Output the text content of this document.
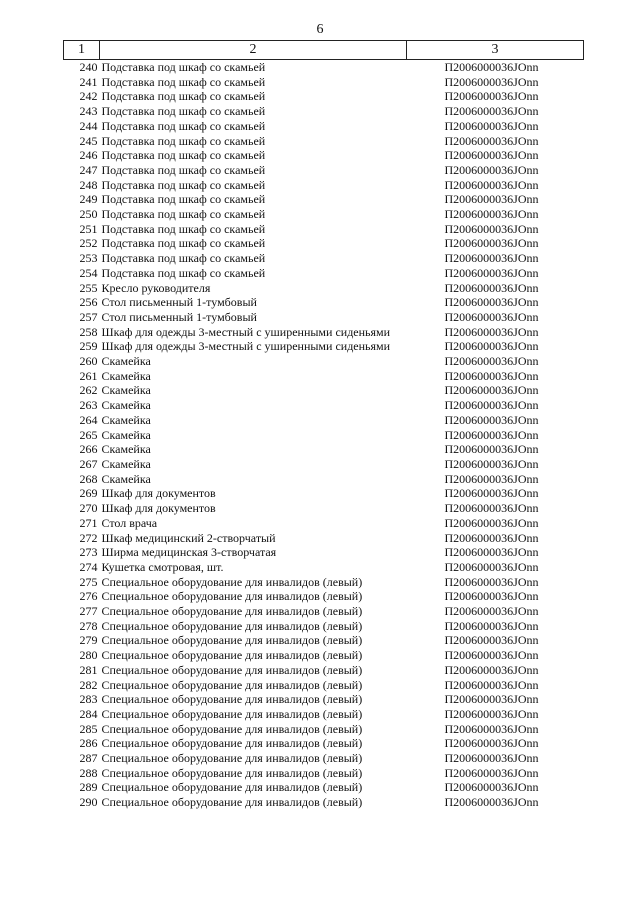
6
1	2	3
240	Подставка под шкаф со скамьей	П2006000036JOnn
241	Подставка под шкаф со скамьей	П2006000036JOnn
242	Подставка под шкаф со скамьей	П2006000036JOnn
243	Подставка под шкаф со скамьей	П2006000036JOnn
244	Подставка под шкаф со скамьей	П2006000036JOnn
245	Подставка под шкаф со скамьей	П2006000036JOnn
246	Подставка под шкаф со скамьей	П2006000036JOnn
247	Подставка под шкаф со скамьей	П2006000036JOnn
248	Подставка под шкаф со скамьей	П2006000036JOnn
249	Подставка под шкаф со скамьей	П2006000036JOnn
250	Подставка под шкаф со скамьей	П2006000036JOnn
251	Подставка под шкаф со скамьей	П2006000036JOnn
252	Подставка под шкаф со скамьей	П2006000036JOnn
253	Подставка под шкаф со скамьей	П2006000036JOnn
254	Подставка под шкаф со скамьей	П2006000036JOnn
255	Кресло руководителя	П2006000036JOnn
256	Стол письменный 1-тумбовый	П2006000036JOnn
257	Стол письменный 1-тумбовый	П2006000036JOnn
258	Шкаф для одежды 3-местный с уширенными сиденьями	П2006000036JOnn
259	Шкаф для одежды 3-местный с уширенными сиденьями	П2006000036JOnn
260	Скамейка	П2006000036JOnn
261	Скамейка	П2006000036JOnn
262	Скамейка	П2006000036JOnn
263	Скамейка	П2006000036JOnn
264	Скамейка	П2006000036JOnn
265	Скамейка	П2006000036JOnn
266	Скамейка	П2006000036JOnn
267	Скамейка	П2006000036JOnn
268	Скамейка	П2006000036JOnn
269	Шкаф для документов	П2006000036JOnn
270	Шкаф для документов	П2006000036JOnn
271	Стол врача	П2006000036JOnn
272	Шкаф медицинский 2-створчатый	П2006000036JOnn
273	Ширма медицинская 3-створчатая	П2006000036JOnn
274	Кушетка смотровая, шт.	П2006000036JOnn
275	Специальное оборудование для инвалидов (левый)	П2006000036JOnn
276	Специальное оборудование для инвалидов (левый)	П2006000036JOnn
277	Специальное оборудование для инвалидов (левый)	П2006000036JOnn
278	Специальное оборудование для инвалидов (левый)	П2006000036JOnn
279	Специальное оборудование для инвалидов (левый)	П2006000036JOnn
280	Специальное оборудование для инвалидов (левый)	П2006000036JOnn
281	Специальное оборудование для инвалидов (левый)	П2006000036JOnn
282	Специальное оборудование для инвалидов (левый)	П2006000036JOnn
283	Специальное оборудование для инвалидов (левый)	П2006000036JOnn
284	Специальное оборудование для инвалидов (левый)	П2006000036JOnn
285	Специальное оборудование для инвалидов (левый)	П2006000036JOnn
286	Специальное оборудование для инвалидов (левый)	П2006000036JOnn
287	Специальное оборудование для инвалидов (левый)	П2006000036JOnn
288	Специальное оборудование для инвалидов (левый)	П2006000036JOnn
289	Специальное оборудование для инвалидов (левый)	П2006000036JOnn
290	Специальное оборудование для инвалидов (левый)	П2006000036JOnn
